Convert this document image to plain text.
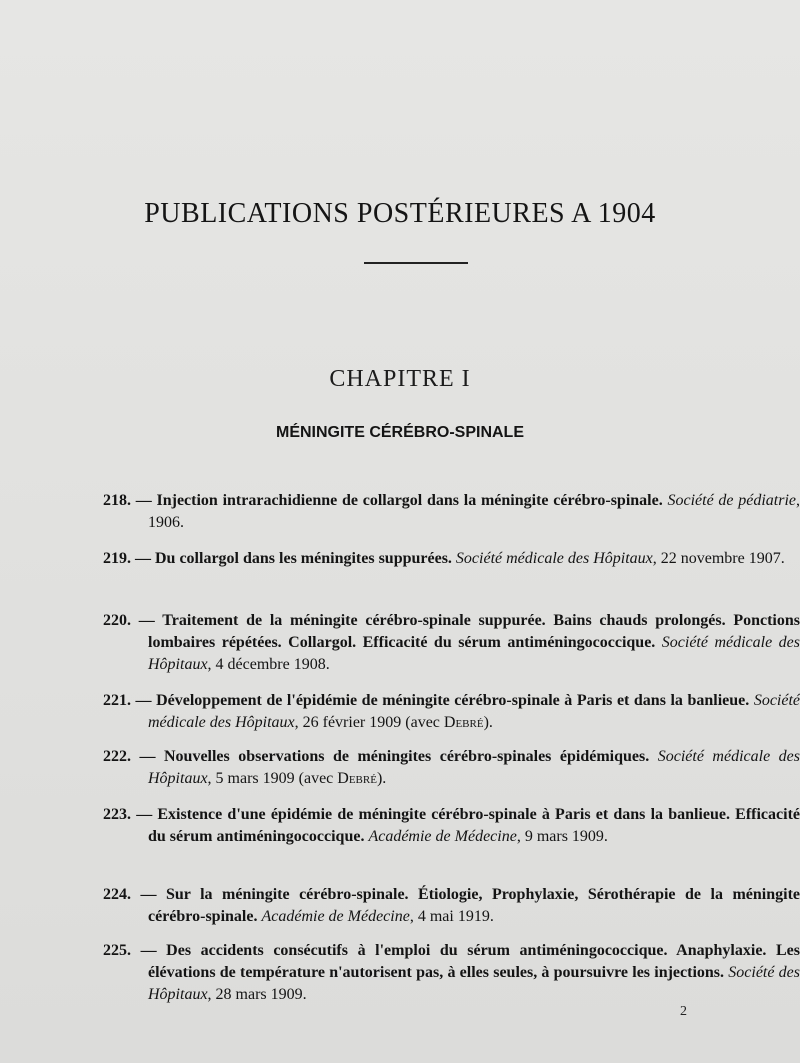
PUBLICATIONS POSTÉRIEURES A 1904
CHAPITRE I
MÉNINGITE CÉRÉBRO-SPINALE
218. — Injection intrarachidienne de collargol dans la méningite cérébro-spinale. Société de pédiatrie, 1906.
219. — Du collargol dans les méningites suppurées. Société médicale des Hôpitaux, 22 novembre 1907.
220. — Traitement de la méningite cérébro-spinale suppurée. Bains chauds prolongés. Ponctions lombaires répétées. Collargol. Efficacité du sérum antiméningococcique. Société médicale des Hôpitaux, 4 décembre 1908.
221. — Développement de l'épidémie de méningite cérébro-spinale à Paris et dans la banlieue. Société médicale des Hôpitaux, 26 février 1909 (avec Debré).
222. — Nouvelles observations de méningites cérébro-spinales épidémiques. Société médicale des Hôpitaux, 5 mars 1909 (avec Debré).
223. — Existence d'une épidémie de méningite cérébro-spinale à Paris et dans la banlieue. Efficacité du sérum antiméningococcique. Académie de Médecine, 9 mars 1909.
224. — Sur la méningite cérébro-spinale. Étiologie, Prophylaxie, Sérothérapie de la méningite cérébro-spinale. Académie de Médecine, 4 mai 1919.
225. — Des accidents consécutifs à l'emploi du sérum antiméningococcique. Anaphylaxie. Les élévations de température n'autorisent pas, à elles seules, à poursuivre les injections. Société des Hôpitaux, 28 mars 1909.
2
